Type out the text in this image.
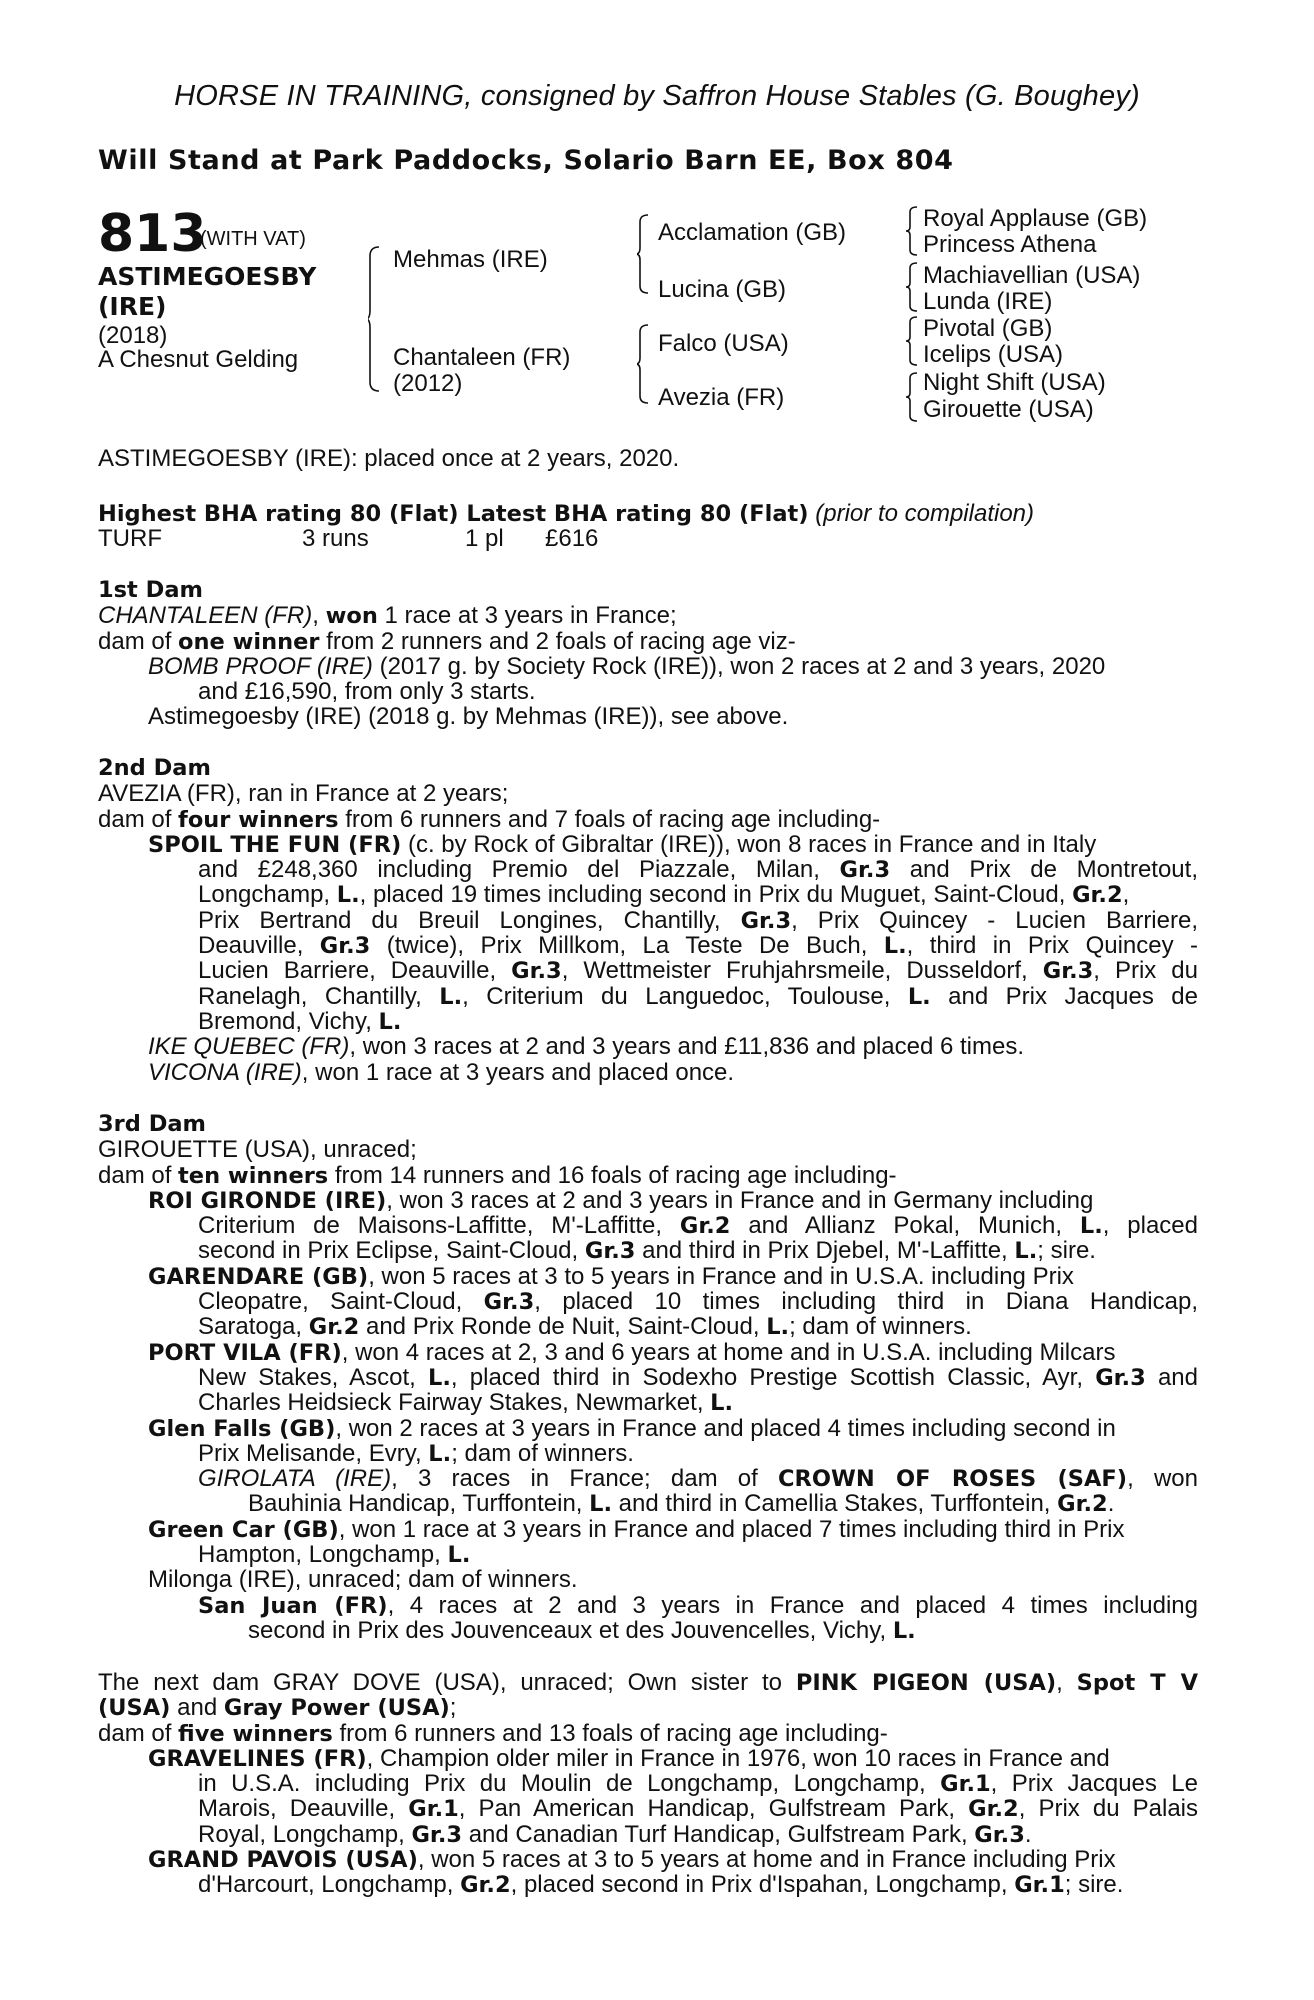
HORSE IN TRAINING, consigned by Saffron House Stables (G. Boughey)
Will Stand at Park Paddocks, Solario Barn EE, Box 804
813
(WITH VAT)
ASTIMEGOESBY
(IRE)
(2018)
A Chesnut Gelding
Mehmas (IRE)
Chantaleen (FR)
(2012)
Acclamation (GB)
Lucina (GB)
Falco (USA)
Avezia (FR)
Royal Applause (GB)
Princess Athena
Machiavellian (USA)
Lunda (IRE)
Pivotal (GB)
Icelips (USA)
Night Shift (USA)
Girouette (USA)
ASTIMEGOESBY (IRE): placed once at 2 years, 2020.
Highest BHA rating 80 (Flat) Latest BHA rating 80 (Flat) (prior to compilation)
TURF	3 runs	1 pl £616
1st Dam
CHANTALEEN (FR), won 1 race at 3 years in France;
dam of one winner from 2 runners and 2 foals of racing age viz-
BOMB PROOF (IRE) (2017 g. by Society Rock (IRE)), won 2 races at 2 and 3 years, 2020
and £16,590, from only 3 starts.
Astimegoesby (IRE) (2018 g. by Mehmas (IRE)), see above.
2nd Dam
AVEZIA (FR), ran in France at 2 years;
dam of four winners from 6 runners and 7 foals of racing age including-
SPOIL THE FUN (FR) (c. by Rock of Gibraltar (IRE)), won 8 races in France and in Italy
and £248,360 including Premio del Piazzale, Milan, Gr.3 and Prix de Montretout,
Longchamp, L., placed 19 times including second in Prix du Muguet, Saint-Cloud, Gr.2,
Prix Bertrand du Breuil Longines, Chantilly, Gr.3, Prix Quincey - Lucien Barriere,
Deauville, Gr.3 (twice), Prix Millkom, La Teste De Buch, L., third in Prix Quincey -
Lucien Barriere, Deauville, Gr.3, Wettmeister Fruhjahrsmeile, Dusseldorf, Gr.3, Prix du
Ranelagh, Chantilly, L., Criterium du Languedoc, Toulouse, L. and Prix Jacques de
Bremond, Vichy, L.
IKE QUEBEC (FR), won 3 races at 2 and 3 years and £11,836 and placed 6 times.
VICONA (IRE), won 1 race at 3 years and placed once.
3rd Dam
GIROUETTE (USA), unraced;
dam of ten winners from 14 runners and 16 foals of racing age including-
ROI GIRONDE (IRE), won 3 races at 2 and 3 years in France and in Germany including
Criterium de Maisons-Laffitte, M'-Laffitte, Gr.2 and Allianz Pokal, Munich, L., placed
second in Prix Eclipse, Saint-Cloud, Gr.3 and third in Prix Djebel, M'-Laffitte, L.; sire.
GARENDARE (GB), won 5 races at 3 to 5 years in France and in U.S.A. including Prix
Cleopatre, Saint-Cloud, Gr.3, placed 10 times including third in Diana Handicap,
Saratoga, Gr.2 and Prix Ronde de Nuit, Saint-Cloud, L.; dam of winners.
PORT VILA (FR), won 4 races at 2, 3 and 6 years at home and in U.S.A. including Milcars
New Stakes, Ascot, L., placed third in Sodexho Prestige Scottish Classic, Ayr, Gr.3 and
Charles Heidsieck Fairway Stakes, Newmarket, L.
Glen Falls (GB), won 2 races at 3 years in France and placed 4 times including second in
Prix Melisande, Evry, L.; dam of winners.
GIROLATA (IRE), 3 races in France; dam of CROWN OF ROSES (SAF), won
Bauhinia Handicap, Turffontein, L. and third in Camellia Stakes, Turffontein, Gr.2.
Green Car (GB), won 1 race at 3 years in France and placed 7 times including third in Prix
Hampton, Longchamp, L.
Milonga (IRE), unraced; dam of winners.
San Juan (FR), 4 races at 2 and 3 years in France and placed 4 times including
second in Prix des Jouvenceaux et des Jouvencelles, Vichy, L.
The next dam GRAY DOVE (USA), unraced; Own sister to PINK PIGEON (USA), Spot T V
(USA) and Gray Power (USA);
dam of five winners from 6 runners and 13 foals of racing age including-
GRAVELINES (FR), Champion older miler in France in 1976, won 10 races in France and
in U.S.A. including Prix du Moulin de Longchamp, Longchamp, Gr.1, Prix Jacques Le
Marois, Deauville, Gr.1, Pan American Handicap, Gulfstream Park, Gr.2, Prix du Palais
Royal, Longchamp, Gr.3 and Canadian Turf Handicap, Gulfstream Park, Gr.3.
GRAND PAVOIS (USA), won 5 races at 3 to 5 years at home and in France including Prix
d'Harcourt, Longchamp, Gr.2, placed second in Prix d'Ispahan, Longchamp, Gr.1; sire.
